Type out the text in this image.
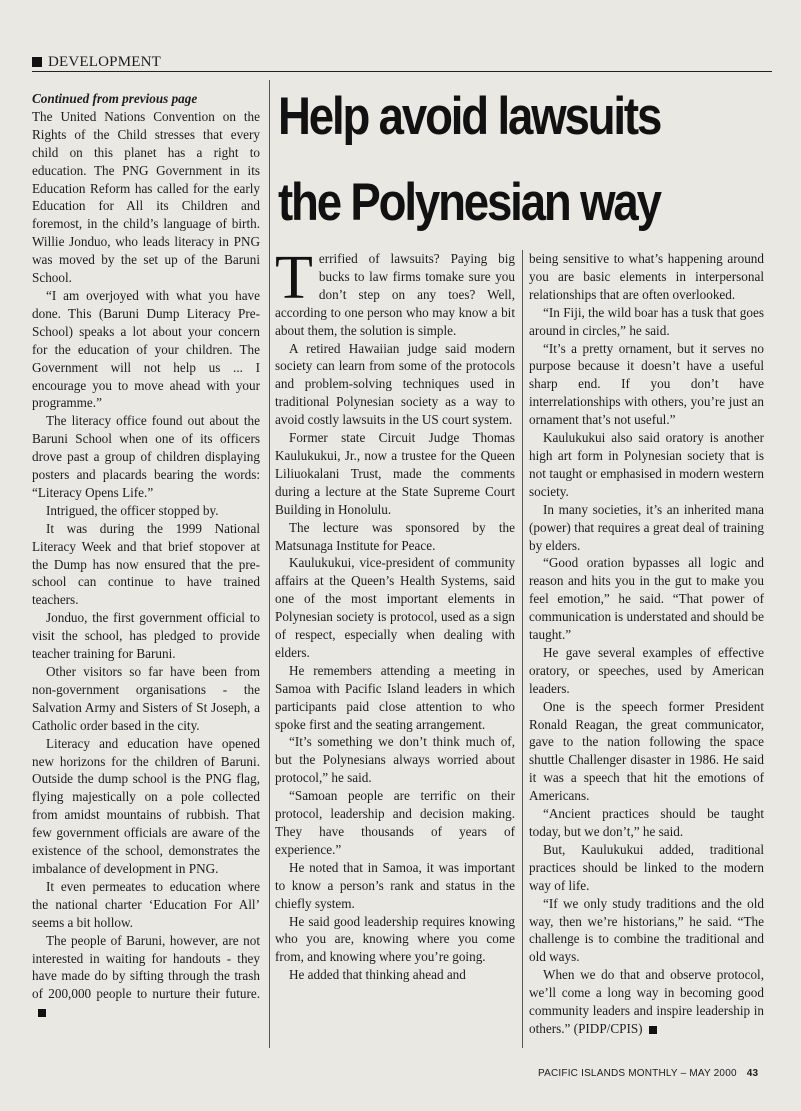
DEVELOPMENT

Continued from previous page

The United Nations Convention on the Rights of the Child stresses that every child on this planet has a right to education. The PNG Government in its Education Reform has called for the early Education for All its Children and foremost, in the child’s language of birth. Willie Jonduo, who leads literacy in PNG was moved by the set up of the Baruni School.

“I am overjoyed with what you have done. This (Baruni Dump Literacy Pre-School) speaks a lot about your concern for the education of your children. The Government will not help us ... I encourage you to move ahead with your programme.”

The literacy office found out about the Baruni School when one of its officers drove past a group of children displaying posters and placards bearing the words: “Literacy Opens Life.”

Intrigued, the officer stopped by.

It was during the 1999 National Literacy Week and that brief stopover at the Dump has now ensured that the pre-school can continue to have trained teachers.

Jonduo, the first government official to visit the school, has pledged to provide teacher training for Baruni.

Other visitors so far have been from non-government organisations - the Salvation Army and Sisters of St Joseph, a Catholic order based in the city.

Literacy and education have opened new horizons for the children of Baruni. Outside the dump school is the PNG flag, flying majestically on a pole collected from amidst mountains of rubbish. That few government officials are aware of the existence of the school, demonstrates the imbalance of development in PNG.

It even permeates to education where the national charter ‘Education For All’ seems a bit hollow.

The people of Baruni, however, are not interested in waiting for handouts - they have made do by sifting through the trash of 200,000 people to nurture their future.

Help avoid lawsuits the Polynesian way

Terrified of lawsuits? Paying big bucks to law firms tomake sure you don’t step on any toes? Well, according to one person who may know a bit about them, the solution is simple.

A retired Hawaiian judge said modern society can learn from some of the protocols and problem-solving techniques used in traditional Polynesian society as a way to avoid costly lawsuits in the US court system.

Former state Circuit Judge Thomas Kaulukukui, Jr., now a trustee for the Queen Liliuokalani Trust, made the comments during a lecture at the State Supreme Court Building in Honolulu.

The lecture was sponsored by the Matsunaga Institute for Peace.

Kaulukukui, vice-president of community affairs at the Queen’s Health Systems, said one of the most important elements in Polynesian society is protocol, used as a sign of respect, especially when dealing with elders.

He remembers attending a meeting in Samoa with Pacific Island leaders in which participants paid close attention to who spoke first and the seating arrangement.

“It’s something we don’t think much of, but the Polynesians always worried about protocol,” he said.

“Samoan people are terrific on their protocol, leadership and decision making. They have thousands of years of experience.”

He noted that in Samoa, it was important to know a person’s rank and status in the chiefly system.

He said good leadership requires knowing who you are, knowing where you come from, and knowing where you’re going.

He added that thinking ahead and

being sensitive to what’s happening around you are basic elements in interpersonal relationships that are often overlooked.

“In Fiji, the wild boar has a tusk that goes around in circles,” he said.

“It’s a pretty ornament, but it serves no purpose because it doesn’t have a useful sharp end. If you don’t have interrelationships with others, you’re just an ornament that’s not useful.”

Kaulukukui also said oratory is another high art form in Polynesian society that is not taught or emphasised in modern western society.

In many societies, it’s an inherited mana (power) that requires a great deal of training by elders.

“Good oration bypasses all logic and reason and hits you in the gut to make you feel emotion,” he said. “That power of communication is understated and should be taught.”

He gave several examples of effective oratory, or speeches, used by American leaders.

One is the speech former President Ronald Reagan, the great communicator, gave to the nation following the space shuttle Challenger disaster in 1986. He said it was a speech that hit the emotions of Americans.

“Ancient practices should be taught today, but we don’t,” he said.

But, Kaulukukui added, traditional practices should be linked to the modern way of life.

“If we only study traditions and the old way, then we’re historians,” he said. “The challenge is to combine the traditional and old ways.

When we do that and observe protocol, we’ll come a long way in becoming good community leaders and inspire leadership in others.” (PIDP/CPIS)

PACIFIC ISLANDS MONTHLY – MAY 2000 43
